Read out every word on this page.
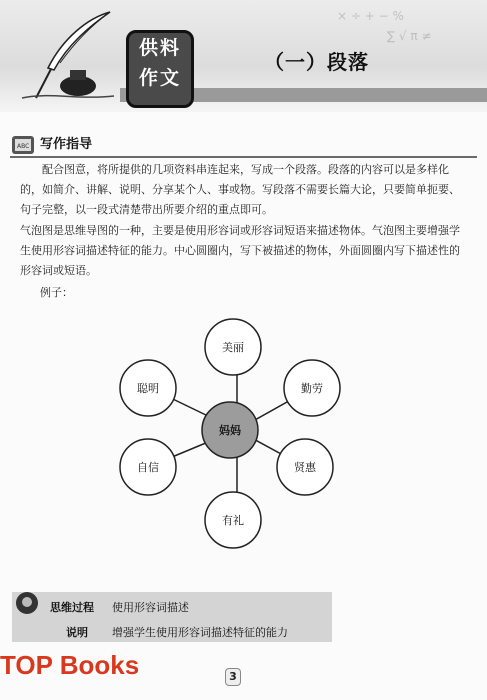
× ÷ + − %
∑ √ π ≠
供料
作文
（一）段落
ABC 写作指导
配合图意，将所提供的几项资料串连起来，写成一个段落。段落的内容可以是多样化的，如简介、讲解、说明、分享某个人、事或物。写段落不需要长篇大论，只要简单扼要、句子完整，以一段式清楚带出所要介绍的重点即可。
气泡图是思维导图的一种，主要是使用形容词或形容词短语来描述物体。气泡图主要增强学生使用形容词描述特征的能力。中心圆圈内，写下被描述的物体，外面圆圈内写下描述性的形容词或短语。
例子：
美丽
聪明	勤劳
自信	贤惠
有礼
妈妈
思维过程 使用形容词描述
说明 增强学生使用形容词描述特征的能力
TOP Books	3
